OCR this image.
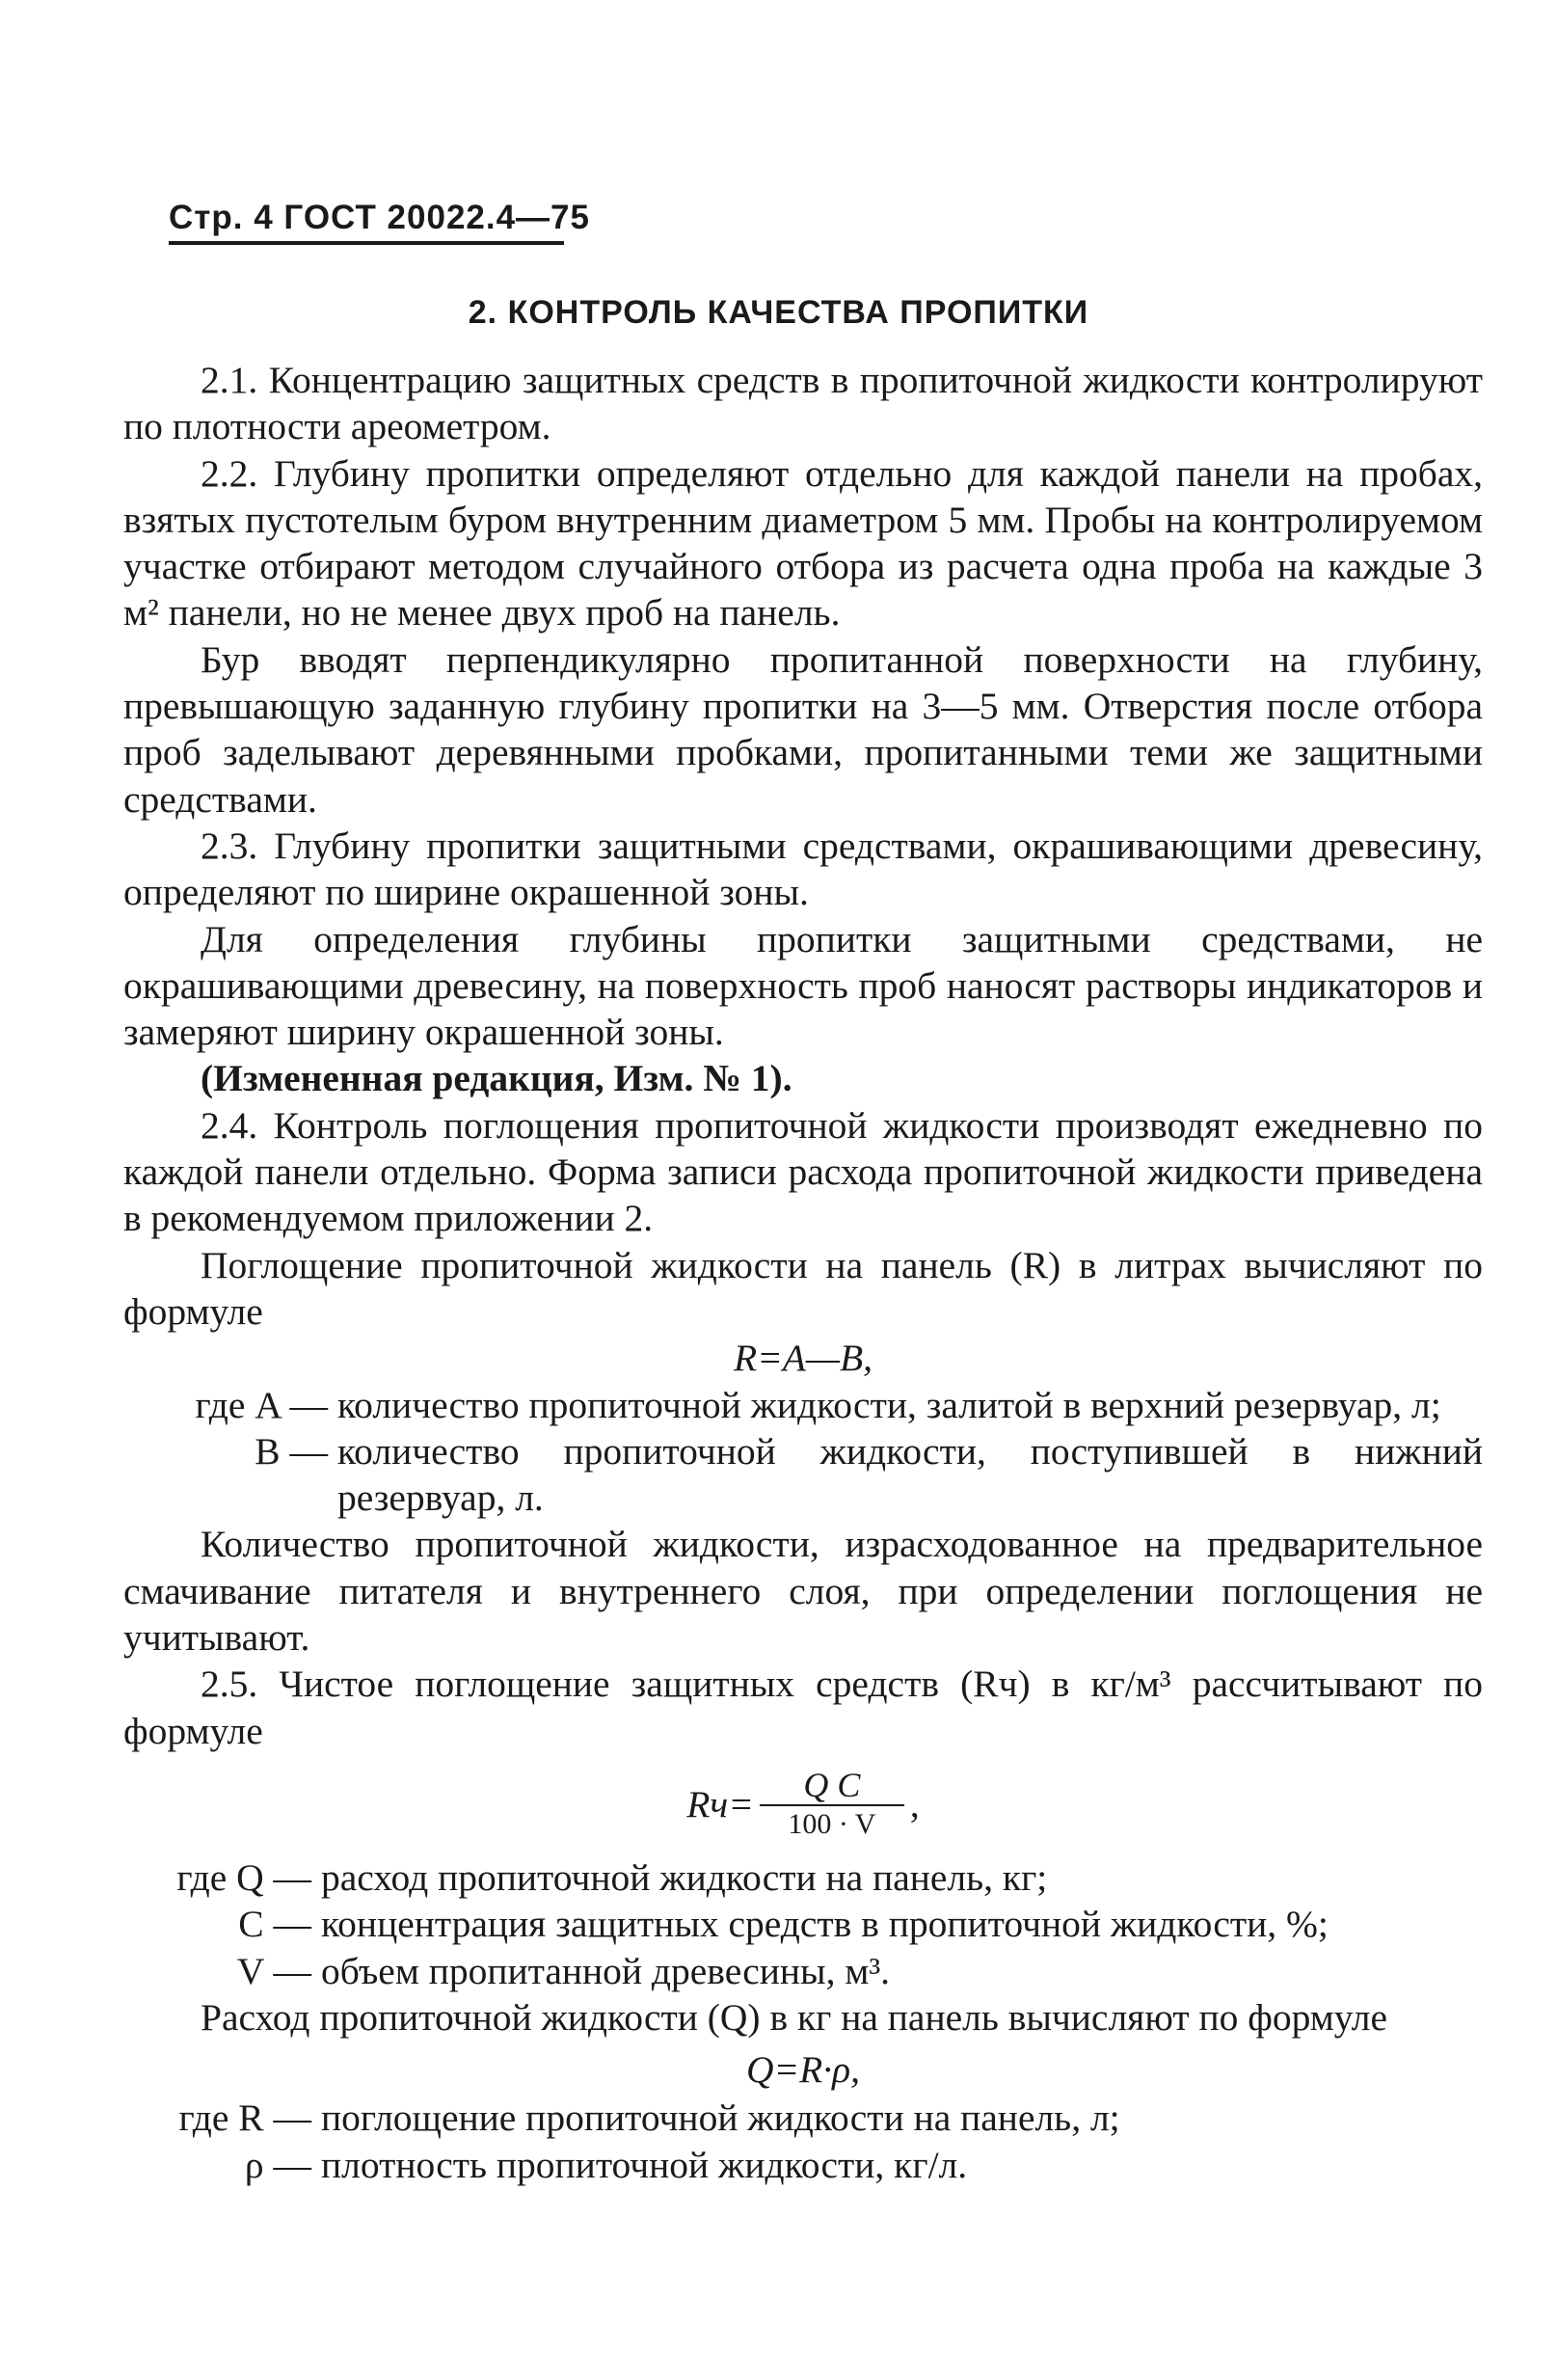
Стр. 4 ГОСТ 20022.4—75
2. КОНТРОЛЬ КАЧЕСТВА ПРОПИТКИ

2.1. Концентрацию защитных средств в пропиточной жидкости контролируют по плотности ареометром.

2.2. Глубину пропитки определяют отдельно для каждой панели на пробах, взятых пустотелым буром внутренним диаметром 5 мм. Пробы на контролируемом участке отбирают методом случайного отбора из расчета одна проба на каждые 3 м² панели, но не менее двух проб на панель.

Бур вводят перпендикулярно пропитанной поверхности на глубину, превышающую заданную глубину пропитки на 3—5 мм. Отверстия после отбора проб заделывают деревянными пробками, пропитанными теми же защитными средствами.

2.3. Глубину пропитки защитными средствами, окрашивающими древесину, определяют по ширине окрашенной зоны.

Для определения глубины пропитки защитными средствами, не окрашивающими древесину, на поверхность проб наносят растворы индикаторов и замеряют ширину окрашенной зоны.

(Измененная редакция, Изм. № 1).

2.4. Контроль поглощения пропиточной жидкости производят ежедневно по каждой панели отдельно. Форма записи расхода пропиточной жидкости приведена в рекомендуемом приложении 2.

Поглощение пропиточной жидкости на панель (R) в литрах вычисляют по формуле

R=A—B,

где A — количество пропиточной жидкости, залитой в верхний резервуар, л;
B — количество пропиточной жидкости, поступившей в нижний резервуар, л.

Количество пропиточной жидкости, израсходованное на предварительное смачивание питателя и внутреннего слоя, при определении поглощения не учитывают.

2.5. Чистое поглощение защитных средств (Rч) в кг/м³ рассчитывают по формуле

$Rч= \frac{\text{Q C}}{100 \cdot V}$ ,
где Q — расход пропиточной жидкости на панель, кг;
C — концентрация защитных средств в пропиточной жидкости, %;
V — объем пропитанной древесины, м³.

Расход пропиточной жидкости (Q) в кг на панель вычисляют по формуле

Q=R·ρ,

где R — поглощение пропиточной жидкости на панель, л;
ρ — плотность пропиточной жидкости, кг/л.
